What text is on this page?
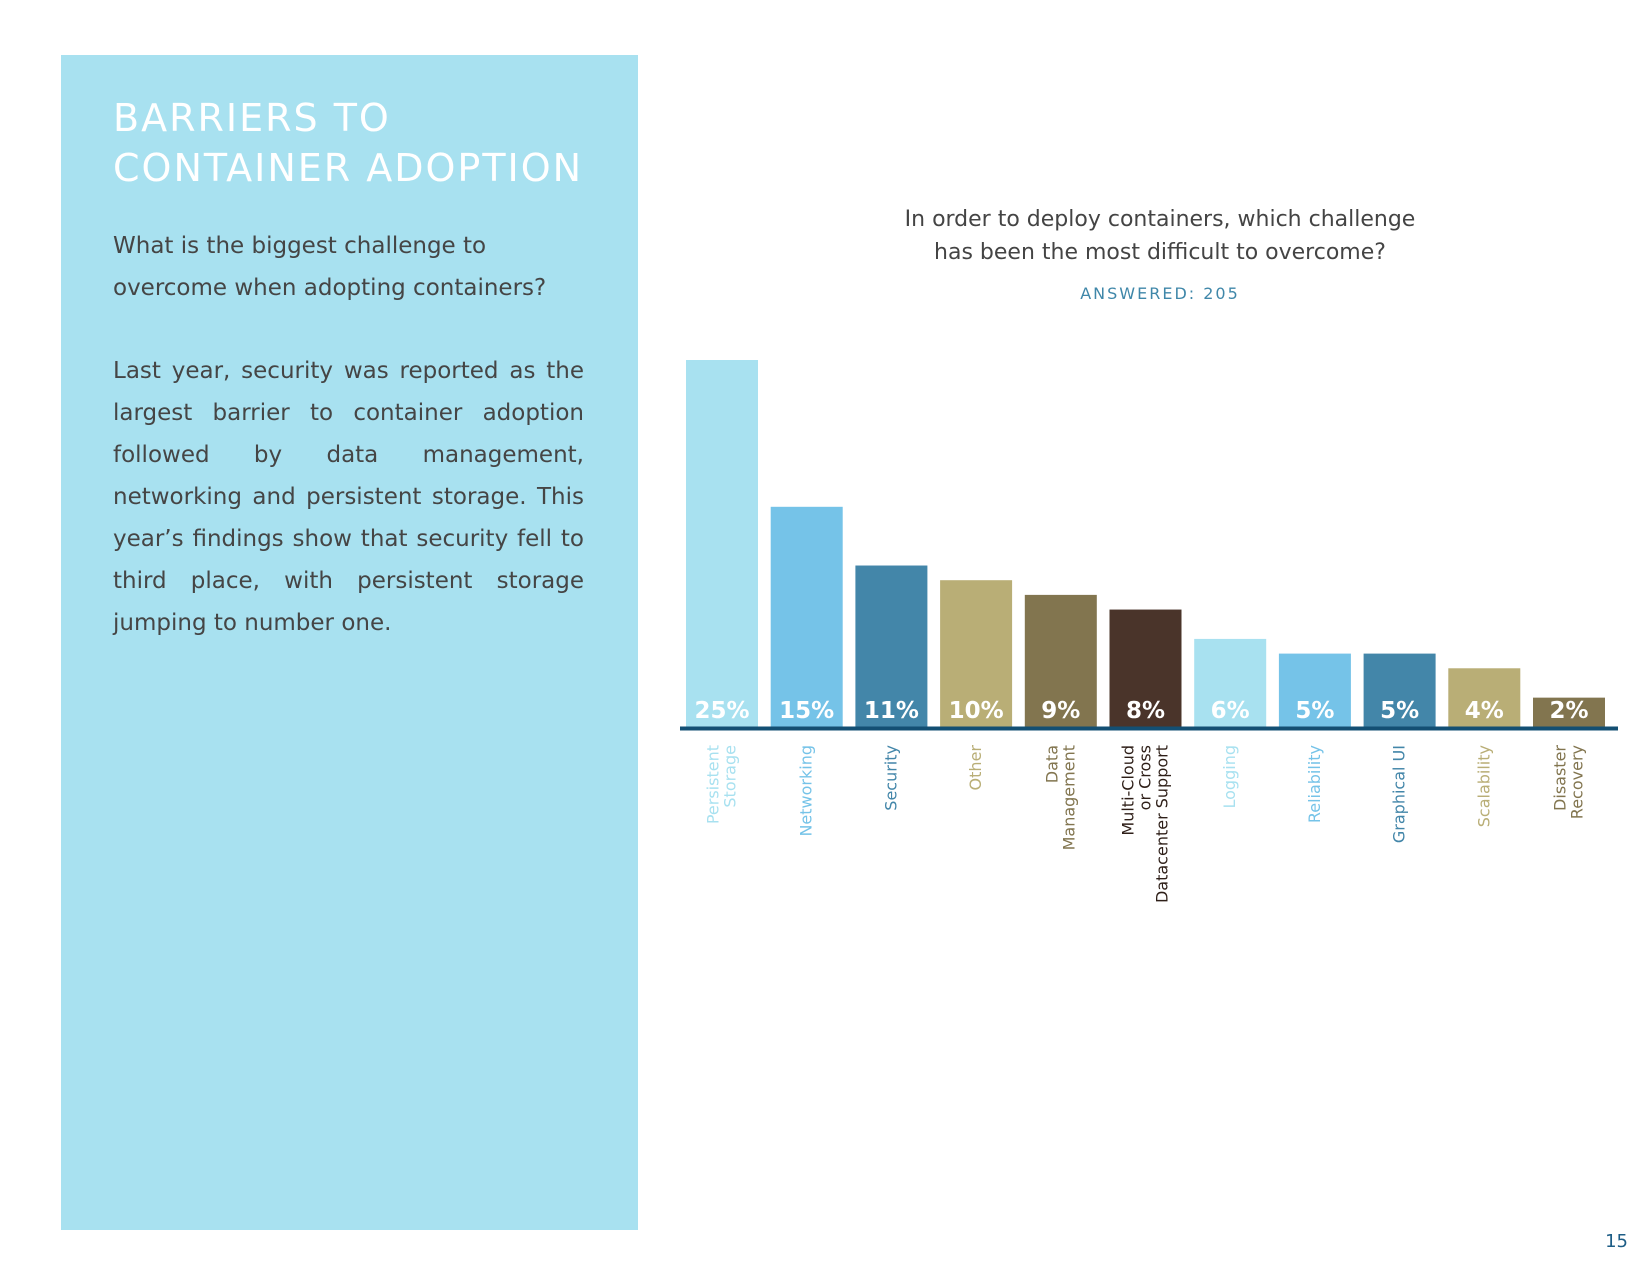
BARRIERS TO
CONTAINER ADOPTION

What is the biggest challenge to overcome when adopting containers?

Last year, security was reported as the largest barrier to container adoption followed by data management, networking and persistent storage. This year’s findings show that security fell to third place, with persistent storage jumping to number one.

In order to deploy containers, which challenge
has been the most difficult to overcome?
ANSWERED: 205
25%
PersistentStorage
15%
Networking
11%
Security
10%
Other
9%
DataManagement
8%
Multi-Cloudor CrossDatacenter Support
6%
Logging
5%
Reliability
5%
Graphical UI
4%
Scalability
2%
DisasterRecovery
15
